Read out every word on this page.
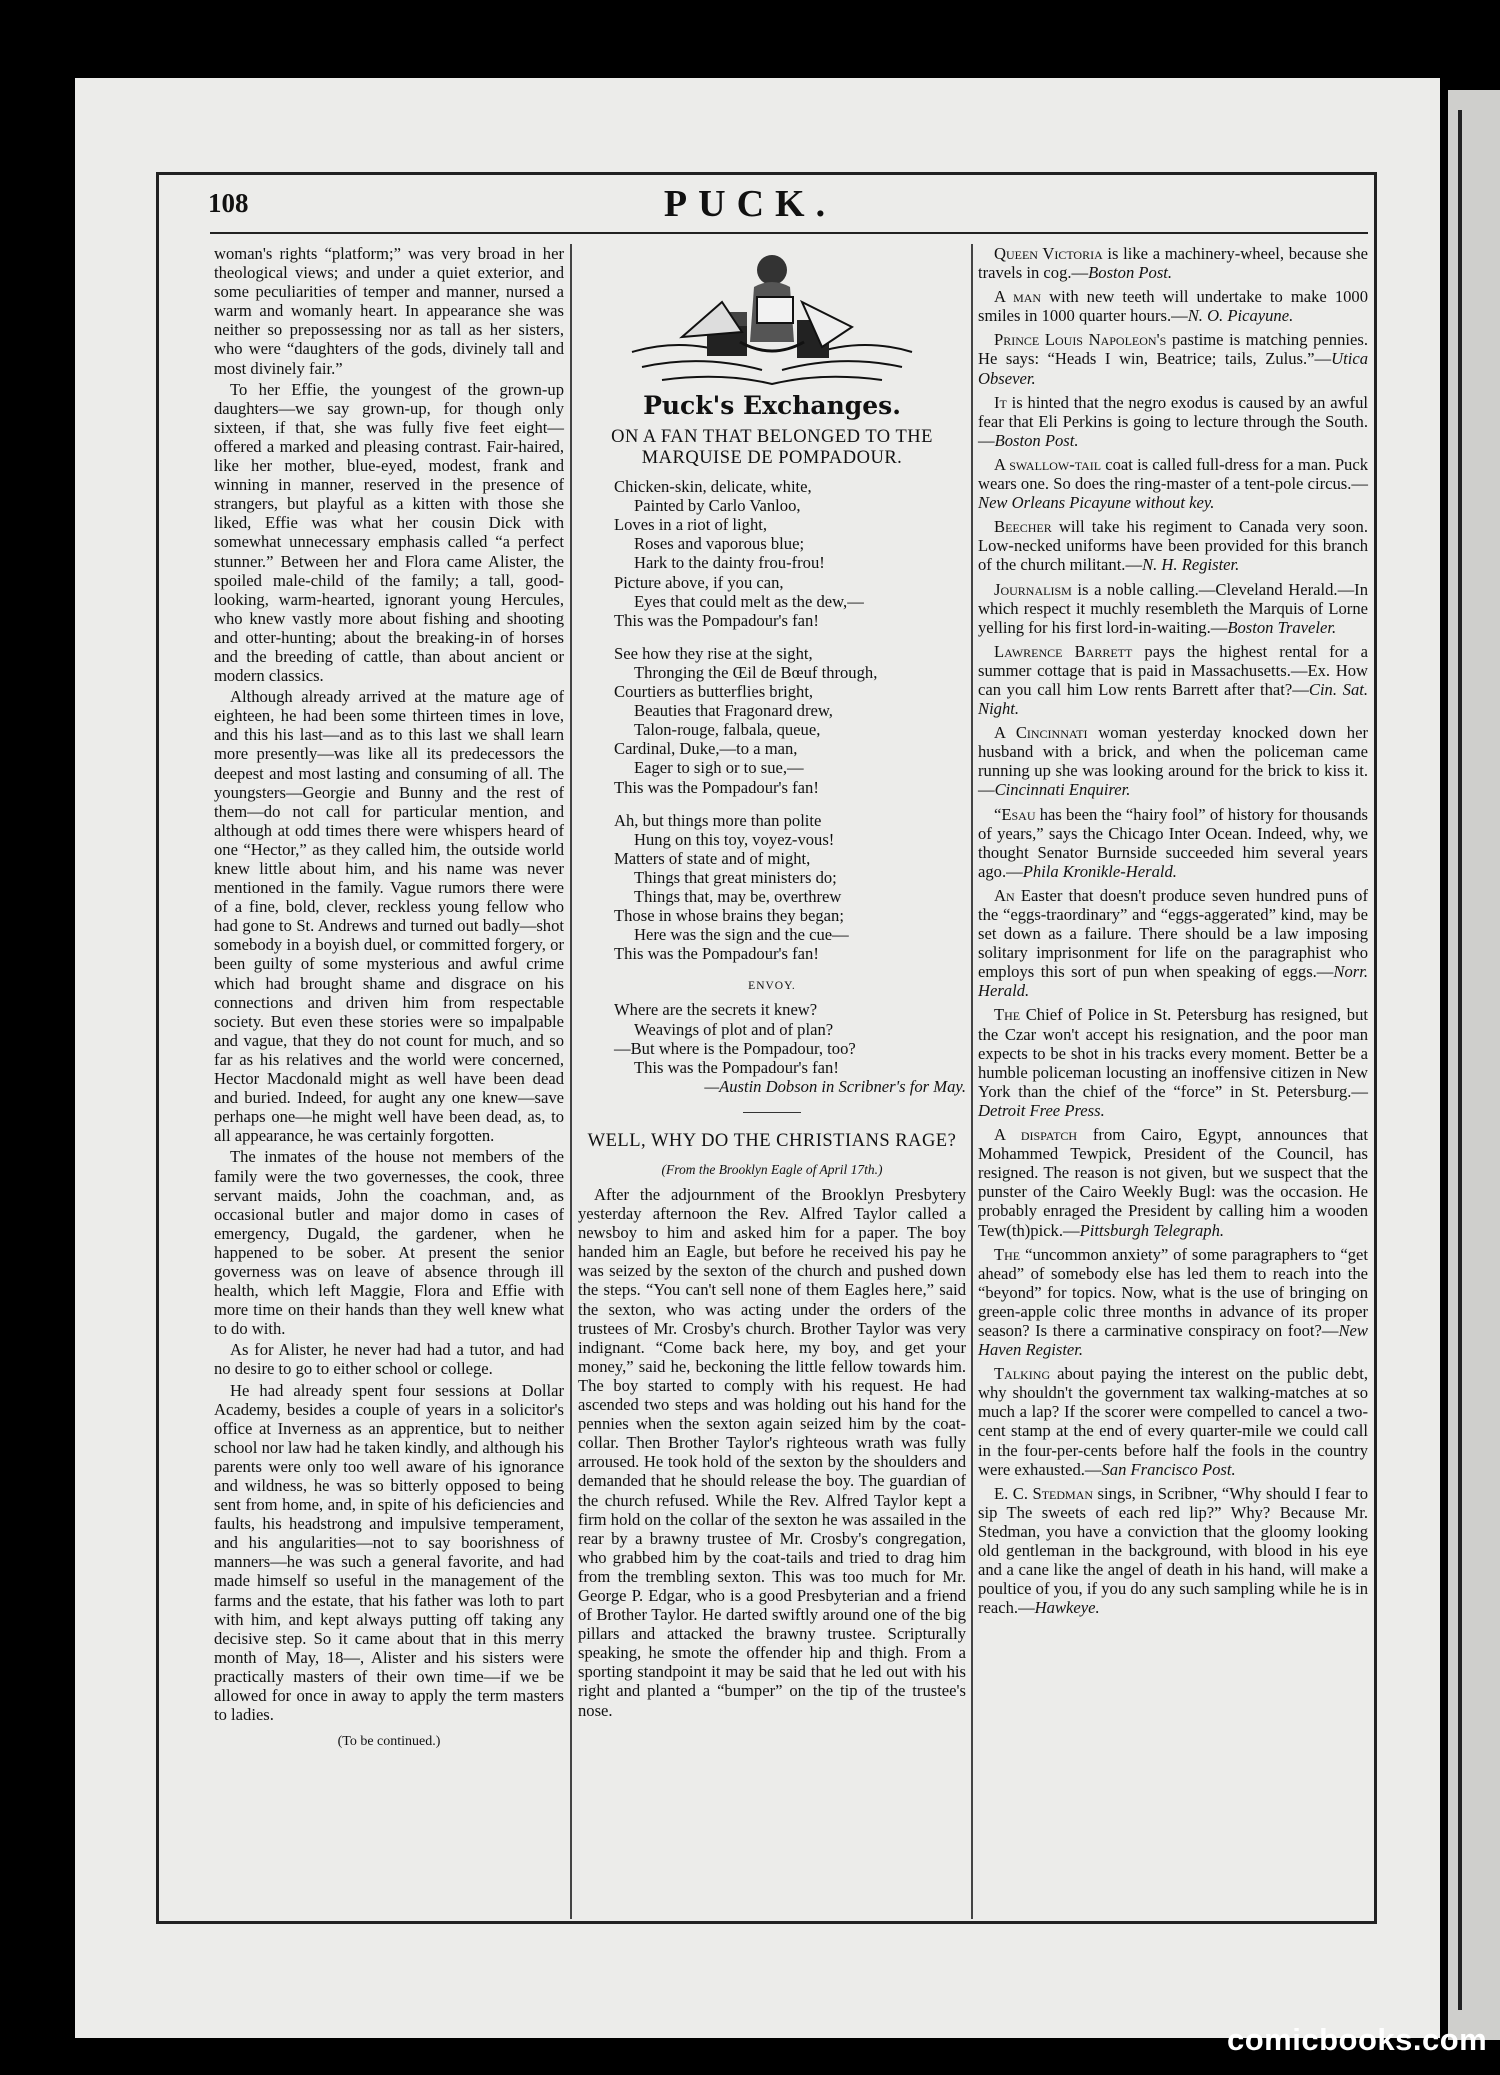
108	PUCK.

woman's rights “platform;” was very broad in her theological views; and under a quiet exterior, and some peculiarities of temper and manner, nursed a warm and womanly heart. In appearance she was neither so prepossessing nor as tall as her sisters, who were “daughters of the gods, divinely tall and most divinely fair.”

To her Effie, the youngest of the grown-up daughters—we say grown-up, for though only sixteen, if that, she was fully five feet eight—offered a marked and pleasing contrast. Fair-haired, like her mother, blue-eyed, modest, frank and winning in manner, reserved in the presence of strangers, but playful as a kitten with those she liked, Effie was what her cousin Dick with somewhat unnecessary emphasis called “a perfect stunner.” Between her and Flora came Alister, the spoiled male-child of the family; a tall, good-looking, warm-hearted, ignorant young Hercules, who knew vastly more about fishing and shooting and otter-hunting; about the breaking-in of horses and the breeding of cattle, than about ancient or modern classics.

Although already arrived at the mature age of eighteen, he had been some thirteen times in love, and this his last—and as to this last we shall learn more presently—was like all its predecessors the deepest and most lasting and consuming of all. The youngsters—Georgie and Bunny and the rest of them—do not call for particular mention, and although at odd times there were whispers heard of one “Hector,” as they called him, the outside world knew little about him, and his name was never mentioned in the family. Vague rumors there were of a fine, bold, clever, reckless young fellow who had gone to St. Andrews and turned out badly—shot somebody in a boyish duel, or committed forgery, or been guilty of some mysterious and awful crime which had brought shame and disgrace on his connections and driven him from respectable society. But even these stories were so impalpable and vague, that they do not count for much, and so far as his relatives and the world were concerned, Hector Macdonald might as well have been dead and buried. Indeed, for aught any one knew—save perhaps one—he might well have been dead, as, to all appearance, he was certainly forgotten.

The inmates of the house not members of the family were the two governesses, the cook, three servant maids, John the coachman, and, as occasional butler and major domo in cases of emergency, Dugald, the gardener, when he happened to be sober. At present the senior governess was on leave of absence through ill health, which left Maggie, Flora and Effie with more time on their hands than they well knew what to do with.

As for Alister, he never had had a tutor, and had no desire to go to either school or college.

He had already spent four sessions at Dollar Academy, besides a couple of years in a solicitor's office at Inverness as an apprentice, but to neither school nor law had he taken kindly, and although his parents were only too well aware of his ignorance and wildness, he was so bitterly opposed to being sent from home, and, in spite of his deficiencies and faults, his headstrong and impulsive temperament, and his angularities—not to say boorishness of manners—he was such a general favorite, and had made himself so useful in the management of the farms and the estate, that his father was loth to part with him, and kept always putting off taking any decisive step. So it came about that in this merry month of May, 18—, Alister and his sisters were practically masters of their own time—if we be allowed for once in away to apply the term masters to ladies.

(To be continued.)
Puck's Exchanges.
ON A FAN THAT BELONGED TO THE MARQUISE DE POMPADOUR.
Chicken-skin, delicate, white,
Painted by Carlo Vanloo,
Loves in a riot of light,
Roses and vaporous blue;
Hark to the dainty frou-frou!
Picture above, if you can,
Eyes that could melt as the dew,—
This was the Pompadour's fan!
See how they rise at the sight,
Thronging the Œil de Bœuf through,
Courtiers as butterflies bright,
Beauties that Fragonard drew,
Talon-rouge, falbala, queue,
Cardinal, Duke,—to a man,
Eager to sigh or to sue,—
This was the Pompadour's fan!
Ah, but things more than polite
Hung on this toy, voyez-vous!
Matters of state and of might,
Things that great ministers do;
Things that, may be, overthrew
Those in whose brains they began;
Here was the sign and the cue—
This was the Pompadour's fan!
ENVOY.
Where are the secrets it knew?
Weavings of plot and of plan?
—But where is the Pompadour, too?
This was the Pompadour's fan!
—Austin Dobson in Scribner's for May.
WELL, WHY DO THE CHRISTIANS RAGE?
(From the Brooklyn Eagle of April 17th.)

After the adjournment of the Brooklyn Presbytery yesterday afternoon the Rev. Alfred Taylor called a newsboy to him and asked him for a paper. The boy handed him an Eagle, but before he received his pay he was seized by the sexton of the church and pushed down the steps. “You can't sell none of them Eagles here,” said the sexton, who was acting under the orders of the trustees of Mr. Crosby's church. Brother Taylor was very indignant. “Come back here, my boy, and get your money,” said he, beckoning the little fellow towards him. The boy started to comply with his request. He had ascended two steps and was holding out his hand for the pennies when the sexton again seized him by the coat-collar. Then Brother Taylor's righteous wrath was fully arroused. He took hold of the sexton by the shoulders and demanded that he should release the boy. The guardian of the church refused. While the Rev. Alfred Taylor kept a firm hold on the collar of the sexton he was assailed in the rear by a brawny trustee of Mr. Crosby's congregation, who grabbed him by the coat-tails and tried to drag him from the trembling sexton. This was too much for Mr. George P. Edgar, who is a good Presbyterian and a friend of Brother Taylor. He darted swiftly around one of the big pillars and attacked the brawny trustee. Scripturally speaking, he smote the offender hip and thigh. From a sporting standpoint it may be said that he led out with his right and planted a “bumper” on the tip of the trustee's nose.

Queen Victoria is like a machinery-wheel, because she travels in cog.—Boston Post.

A man with new teeth will undertake to make 1000 smiles in 1000 quarter hours.—N. O. Picayune.

Prince Louis Napoleon's pastime is matching pennies. He says: “Heads I win, Beatrice; tails, Zulus.”—Utica Obsever.

It is hinted that the negro exodus is caused by an awful fear that Eli Perkins is going to lecture through the South.—Boston Post.

A swallow-tail coat is called full-dress for a man. Puck wears one. So does the ring-master of a tent-pole circus.—New Orleans Picayune without key.

Beecher will take his regiment to Canada very soon. Low-necked uniforms have been provided for this branch of the church militant.—N. H. Register.

Journalism is a noble calling.—Cleveland Herald.—In which respect it muchly resembleth the Marquis of Lorne yelling for his first lord-in-waiting.—Boston Traveler.

Lawrence Barrett pays the highest rental for a summer cottage that is paid in Massachusetts.—Ex. How can you call him Low rents Barrett after that?—Cin. Sat. Night.

A Cincinnati woman yesterday knocked down her husband with a brick, and when the policeman came running up she was looking around for the brick to kiss it.—Cincinnati Enquirer.

“Esau has been the “hairy fool” of history for thousands of years,” says the Chicago Inter Ocean. Indeed, why, we thought Senator Burnside succeeded him several years ago.—Phila Kronikle-Herald.

An Easter that doesn't produce seven hundred puns of the “eggs-traordinary” and “eggs-aggerated” kind, may be set down as a failure. There should be a law imposing solitary imprisonment for life on the paragraphist who employs this sort of pun when speaking of eggs.—Norr. Herald.

The Chief of Police in St. Petersburg has resigned, but the Czar won't accept his resignation, and the poor man expects to be shot in his tracks every moment. Better be a humble policeman locusting an inoffensive citizen in New York than the chief of the “force” in St. Petersburg.—Detroit Free Press.

A dispatch from Cairo, Egypt, announces that Mohammed Tewpick, President of the Council, has resigned. The reason is not given, but we suspect that the punster of the Cairo Weekly Bugl: was the occasion. He probably enraged the President by calling him a wooden Tew(th)pick.—Pittsburgh Telegraph.

The “uncommon anxiety” of some paragraphers to “get ahead” of somebody else has led them to reach into the “beyond” for topics. Now, what is the use of bringing on green-apple colic three months in advance of its proper season? Is there a carminative conspiracy on foot?—New Haven Register.

Talking about paying the interest on the public debt, why shouldn't the government tax walking-matches at so much a lap? If the scorer were compelled to cancel a two-cent stamp at the end of every quarter-mile we could call in the four-per-cents before half the fools in the country were exhausted.—San Francisco Post.

E. C. Stedman sings, in Scribner, “Why should I fear to sip The sweets of each red lip?” Why? Because Mr. Stedman, you have a conviction that the gloomy looking old gentleman in the background, with blood in his eye and a cane like the angel of death in his hand, will make a poultice of you, if you do any such sampling while he is in reach.—Hawkeye.

comicbooks.com
